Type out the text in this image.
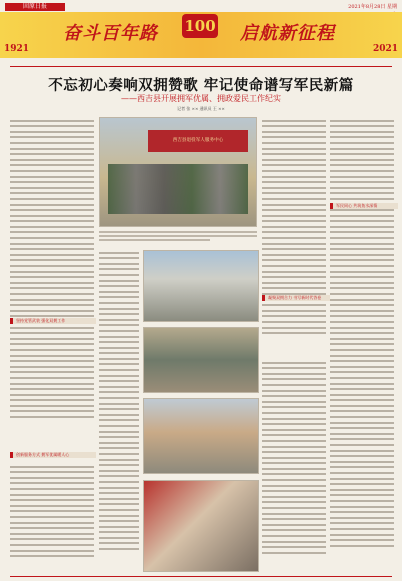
固原日报	2021年8月28日 星期
奋斗百年路 100 启航新征程
1921	2021
不忘初心奏响双拥赞歌 牢记使命谱写军民新篇
——西吉县开展拥军优属、拥政爱民工作纪实
记者 张 ×× 通讯员 王 ××
坚持党管武装 强化双拥工作
创新服务方式 拥军优属暖人心
西吉县退役军人服务中心
军民同心 共筑鱼水深情
凝聚双拥合力 书写新时代答卷
